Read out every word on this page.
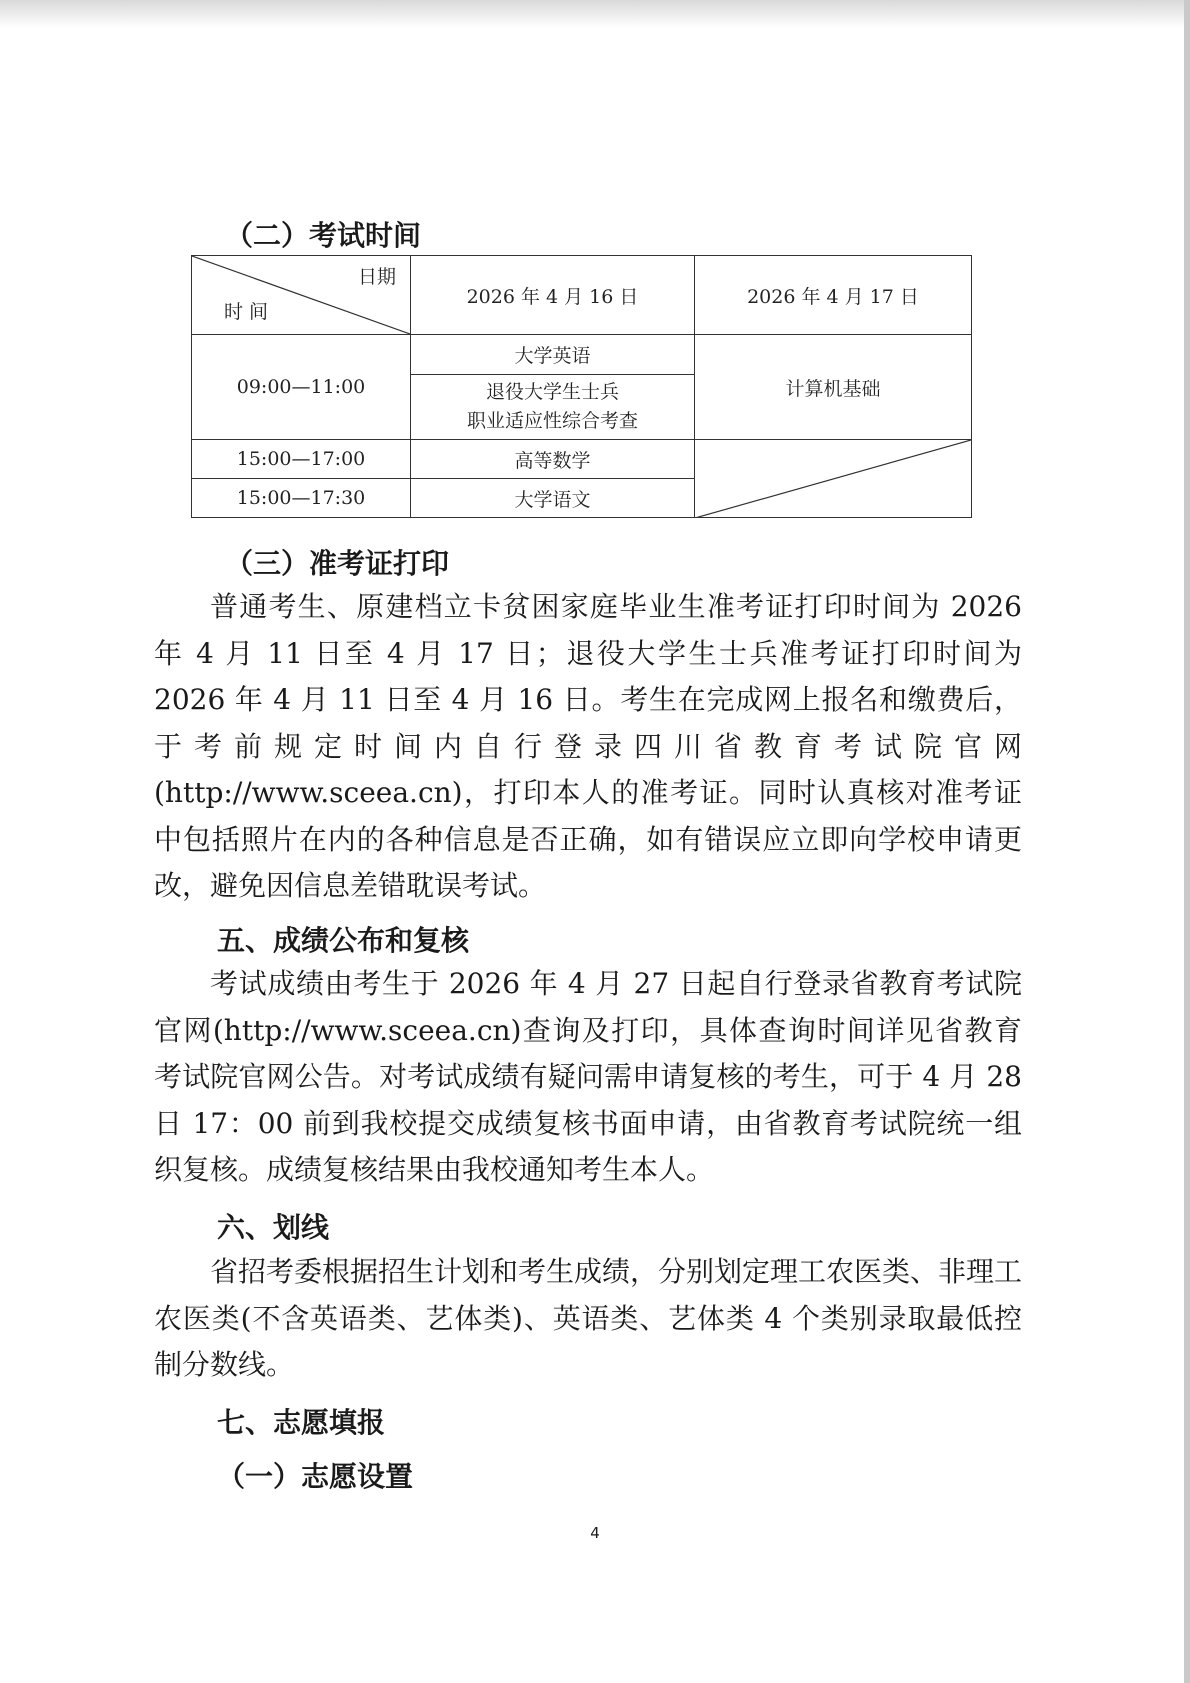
（二）考试时间
日期
时 间	2026 年 4 月 16 日	2026 年 4 月 17 日
09:00—11:00	大学英语	计算机基础

	退役大学生士兵
职业适应性综合考查	

15:00—17:00	高等数学	

15:00—17:30	大学语文	
（三）准考证打印

普通考生、原建档立卡贫困家庭毕业生准考证打印时间为 2026 年 4 月 11 日至 4 月 17 日；退役大学生士兵准考证打印时间为 2026 年 4 月 11 日至 4 月 16 日。考生在完成网上报名和缴费后，于考前规定时间内自行登录四川省教育考试院官网(http://www.sceea.cn)，打印本人的准考证。同时认真核对准考证中包括照片在内的各种信息是否正确，如有错误应立即向学校申请更改，避免因信息差错耽误考试。

五、成绩公布和复核

考试成绩由考生于 2026 年 4 月 27 日起自行登录省教育考试院官网(http://www.sceea.cn)查询及打印，具体查询时间详见省教育考试院官网公告。对考试成绩有疑问需申请复核的考生，可于 4 月 28 日 17：00 前到我校提交成绩复核书面申请，由省教育考试院统一组织复核。成绩复核结果由我校通知考生本人。

六、划线

省招考委根据招生计划和考生成绩，分别划定理工农医类、非理工农医类(不含英语类、艺体类)、英语类、艺体类 4 个类别录取最低控制分数线。

七、志愿填报
（一）志愿设置
4
